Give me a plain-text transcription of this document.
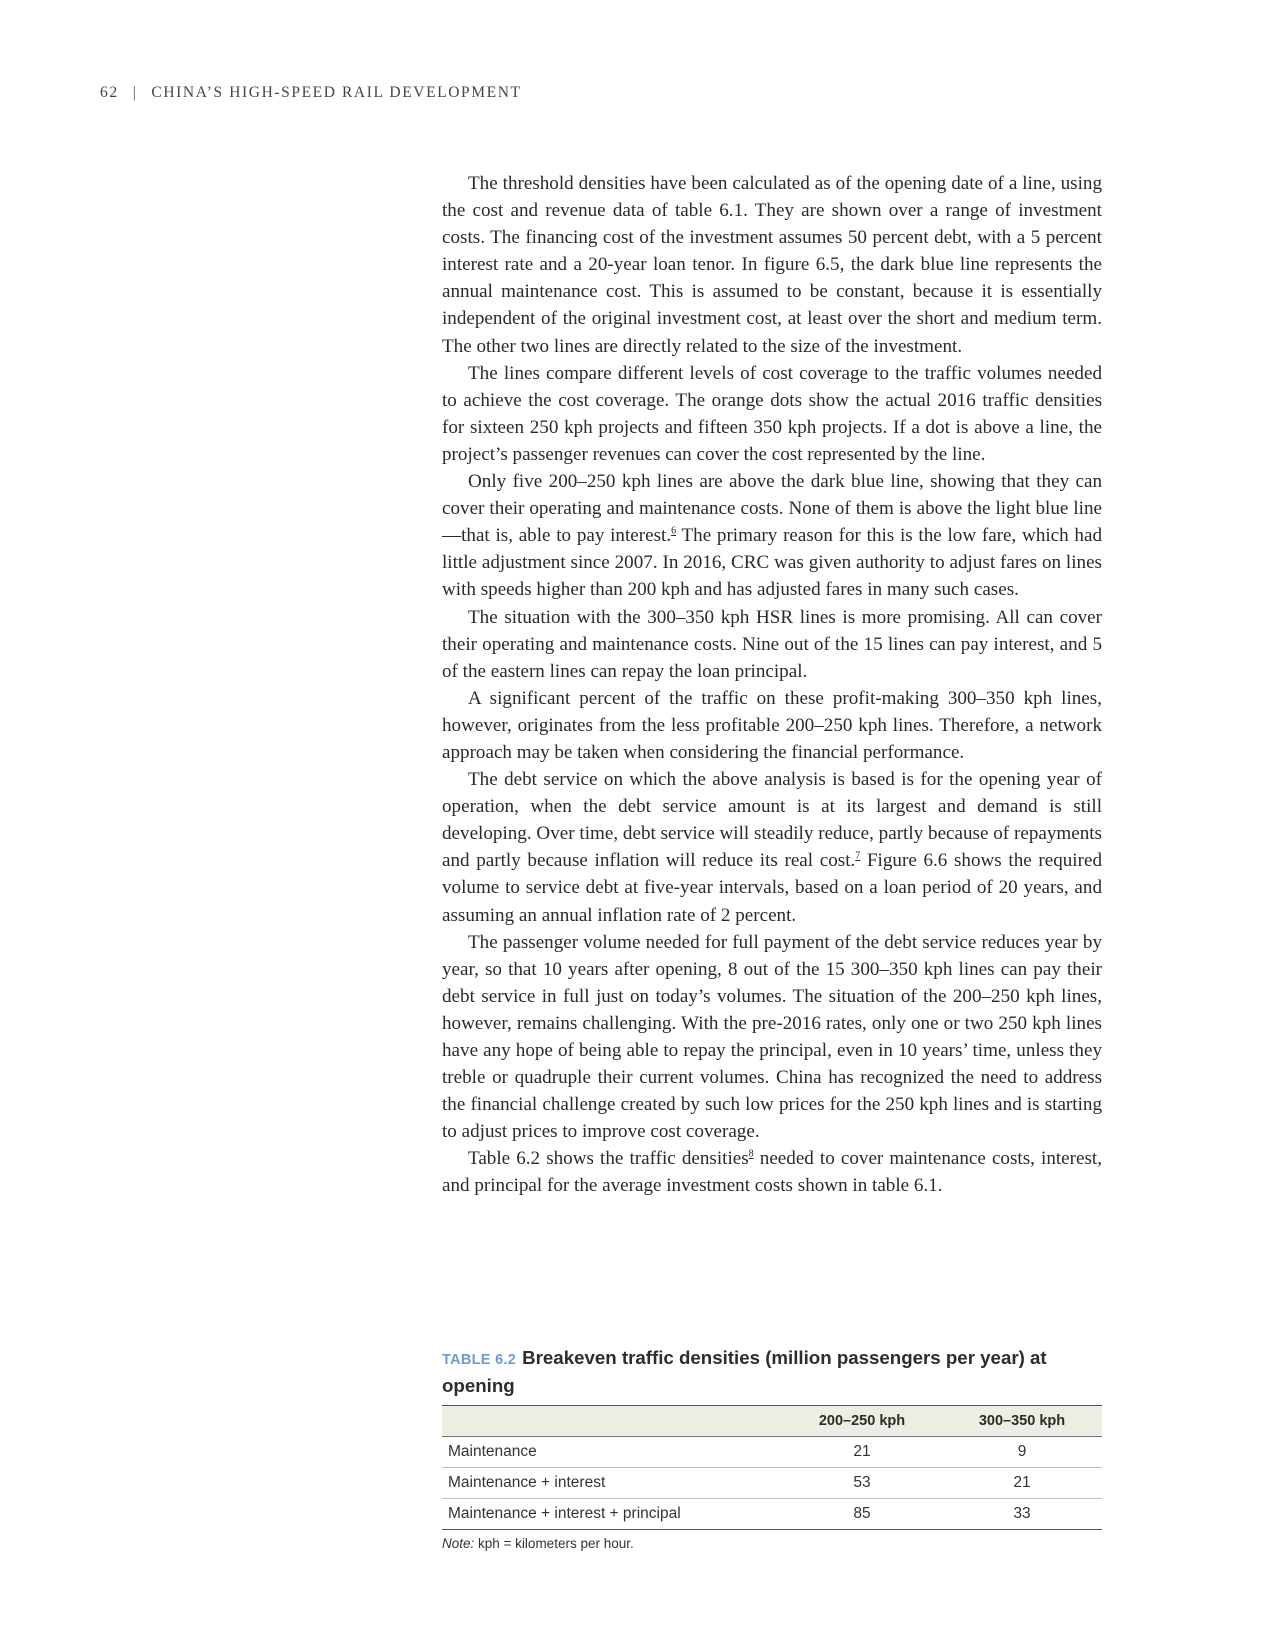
62 | CHINA’S HIGH-SPEED RAIL DEVELOPMENT

The threshold densities have been calculated as of the opening date of a line, using the cost and revenue data of table 6.1. They are shown over a range of investment costs. The financing cost of the investment assumes 50 percent debt, with a 5 percent interest rate and a 20-year loan tenor. In figure 6.5, the dark blue line represents the annual maintenance cost. This is assumed to be constant, because it is essentially independent of the original investment cost, at least over the short and medium term. The other two lines are directly related to the size of the investment.

The lines compare different levels of cost coverage to the traffic volumes needed to achieve the cost coverage. The orange dots show the actual 2016 traffic densities for sixteen 250 kph projects and fifteen 350 kph projects. If a dot is above a line, the project’s passenger revenues can cover the cost represented by the line.

Only five 200–250 kph lines are above the dark blue line, showing that they can cover their operating and maintenance costs. None of them is above the light blue line—that is, able to pay interest.$^6$ The primary reason for this is the low fare, which had little adjustment since 2007. In 2016, CRC was given authority to adjust fares on lines with speeds higher than 200 kph and has adjusted fares in many such cases.

The situation with the 300–350 kph HSR lines is more promising. All can cover their operating and maintenance costs. Nine out of the 15 lines can pay interest, and 5 of the eastern lines can repay the loan principal.

A significant percent of the traffic on these profit-making 300–350 kph lines, however, originates from the less profitable 200–250 kph lines. Therefore, a network approach may be taken when considering the financial performance.

The debt service on which the above analysis is based is for the opening year of operation, when the debt service amount is at its largest and demand is still developing. Over time, debt service will steadily reduce, partly because of repayments and partly because inflation will reduce its real cost.$^7$ Figure 6.6 shows the required volume to service debt at five-year intervals, based on a loan period of 20 years, and assuming an annual inflation rate of 2 percent.

The passenger volume needed for full payment of the debt service reduces year by year, so that 10 years after opening, 8 out of the 15 300–350 kph lines can pay their debt service in full just on today’s volumes. The situation of the 200–250 kph lines, however, remains challenging. With the pre-2016 rates, only one or two 250 kph lines have any hope of being able to repay the principal, even in 10 years’ time, unless they treble or quadruple their current volumes. China has recognized the need to address the financial challenge created by such low prices for the 250 kph lines and is starting to adjust prices to improve cost coverage.

Table 6.2 shows the traffic densities$^8$ needed to cover maintenance costs, interest, and principal for the average investment costs shown in table 6.1.

TABLE 6.2 Breakeven traffic densities (million passengers per year) at opening
	200–250 kph	300–350 kph
Maintenance	21	9
Maintenance + interest	53	21
Maintenance + interest + principal	85	33
Note: kph = kilometers per hour.
